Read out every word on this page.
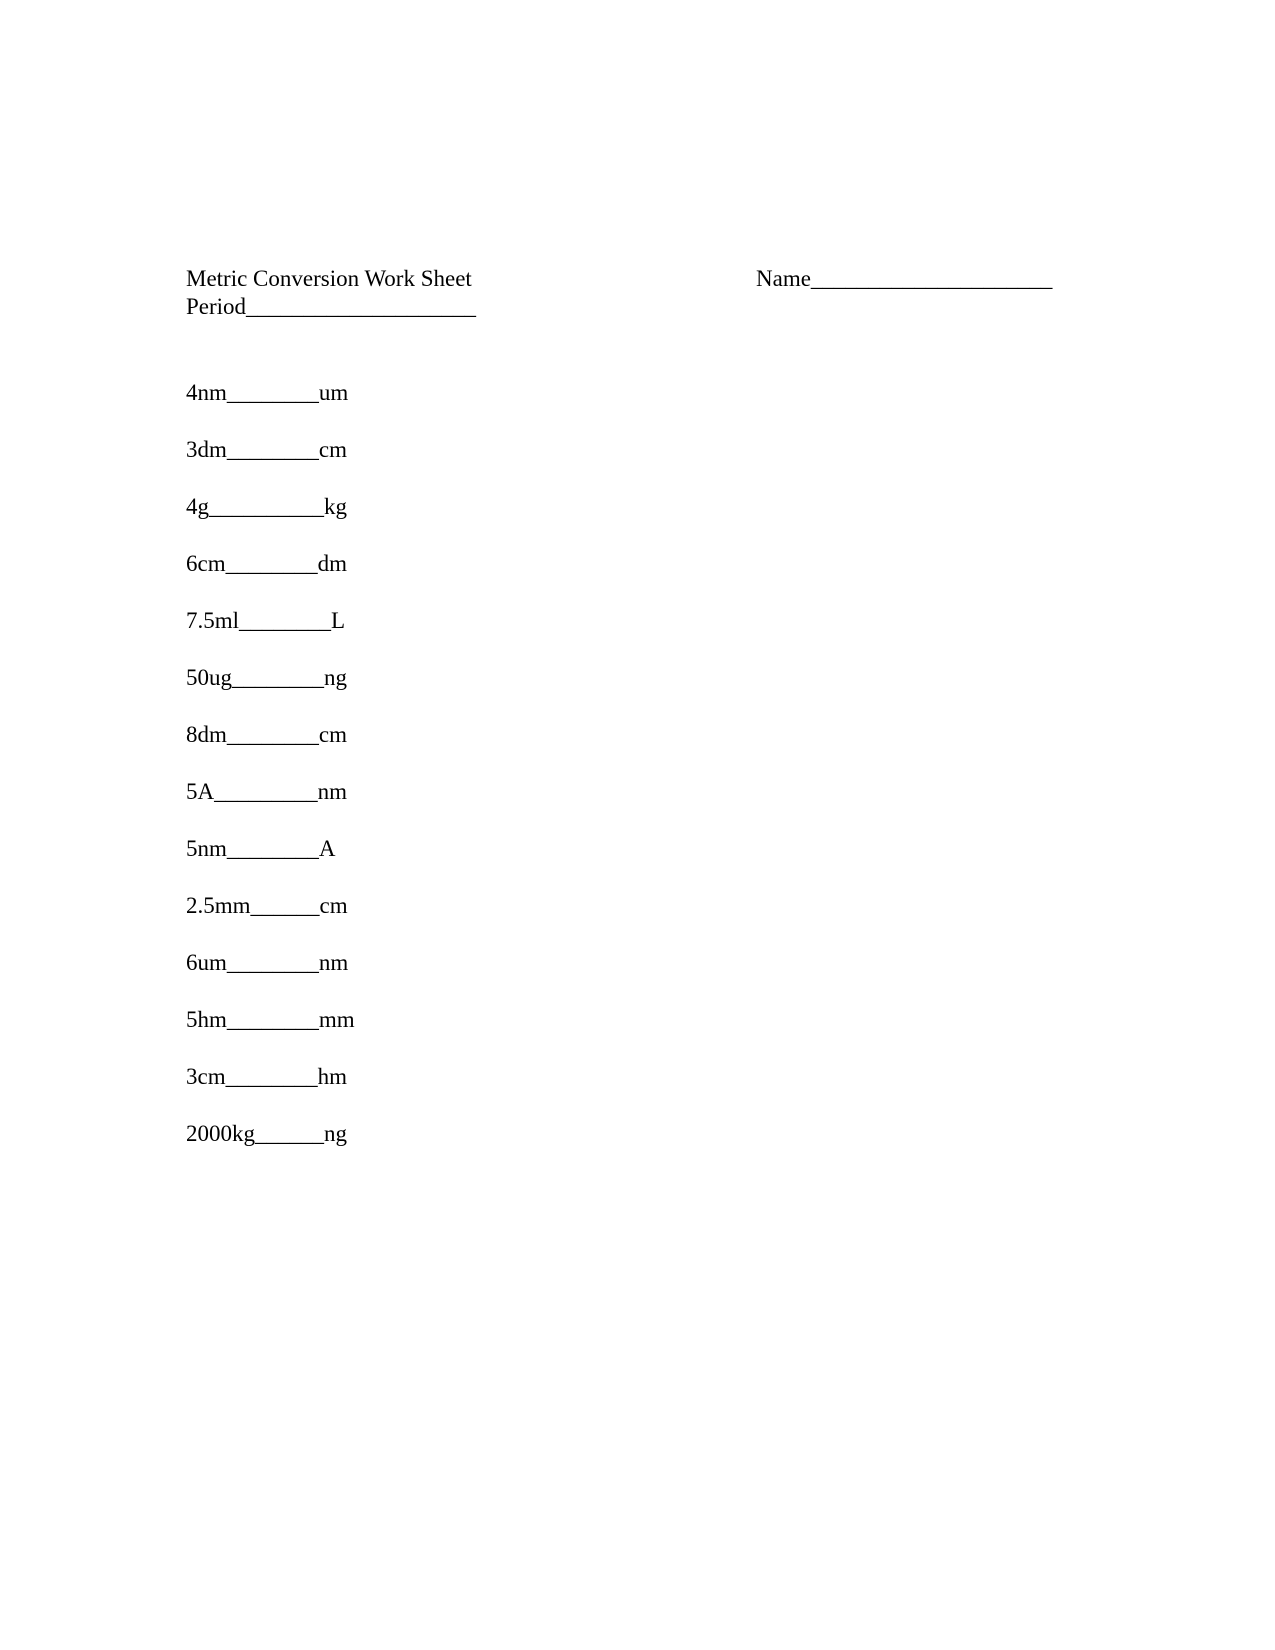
Metric Conversion Work Sheet	Name_____________________
Period____________________
4nm________um
3dm________cm
4g__________kg
6cm________dm
7.5ml________L
50ug________ng
8dm________cm
5A_________nm
5nm________A
2.5mm______cm
6um________nm
5hm________mm
3cm________hm
2000kg______ng
